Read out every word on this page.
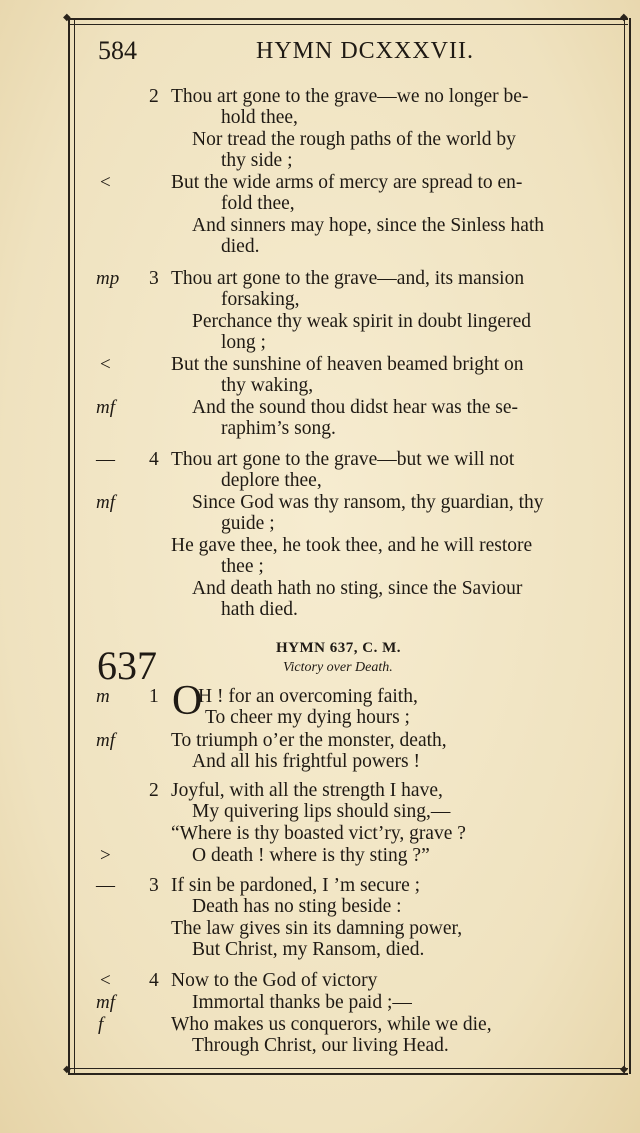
◆	◆
◆	◆
584	HYMN DCXXXVII.
2 Thou art gone to the grave—we no longer be-
hold thee,
Nor tread the rough paths of the world by
thy side ;
<	But the wide arms of mercy are spread to en-
fold thee,
And sinners may hope, since the Sinless hath
died.
mp 3 Thou art gone to the grave—and, its mansion
forsaking,
Perchance thy weak spirit in doubt lingered
long ;
<	But the sunshine of heaven beamed bright on
thy waking,
mf	And the sound thou didst hear was the se-
raphim’s song.
— 4 Thou art gone to the grave—but we will not
deplore thee,
mf	Since God was thy ransom, thy guardian, thy
guide ;
He gave thee, he took thee, and he will restore
thee ;
And death hath no sting, since the Saviour
hath died.
637	HYMN 637, C. M.
Victory over Death.
m 1 O
H ! for an overcoming faith,
To cheer my dying hours ;
mf	To triumph o’er the monster, death,
And all his frightful powers !
2 Joyful, with all the strength I have,
My quivering lips should sing,—
“Where is thy boasted vict’ry, grave ?
>	O death ! where is thy sting ?”
— 3 If sin be pardoned, I ’m secure ;
Death has no sting beside :
The law gives sin its damning power,
But Christ, my Ransom, died.
< 4 Now to the God of victory
mf	Immortal thanks be paid ;—
f	Who makes us conquerors, while we die,
Through Christ, our living Head.
